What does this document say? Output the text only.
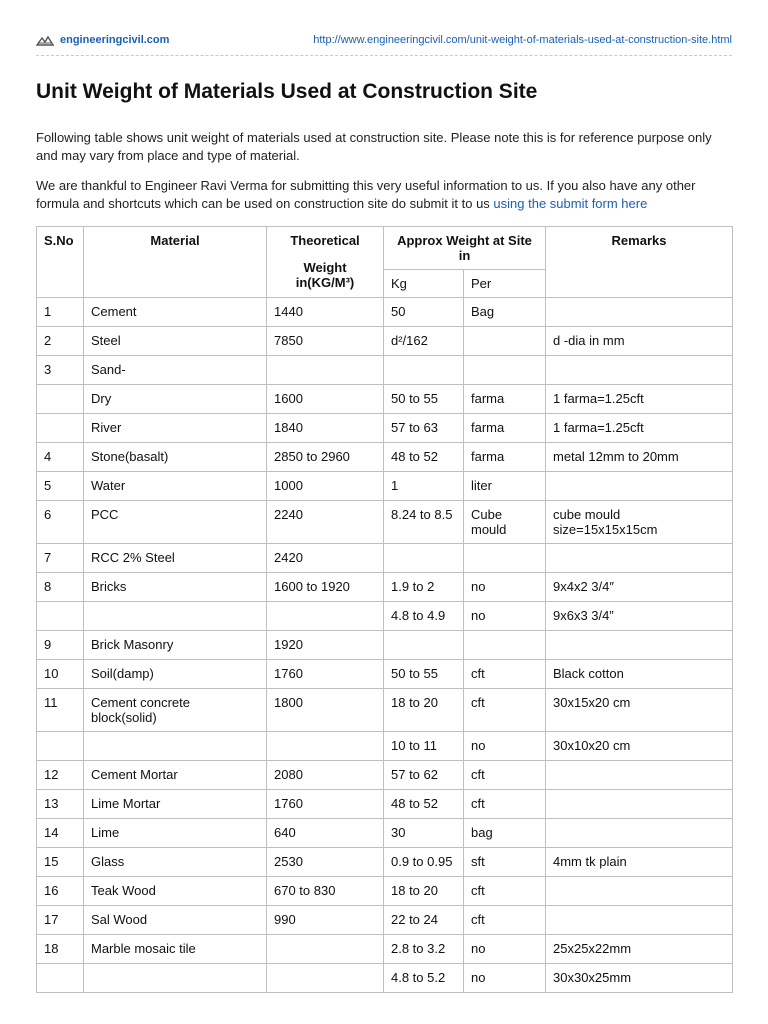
engineeringcivil.com	http://www.engineeringcivil.com/unit-weight-of-materials-used-at-construction-site.html
Unit Weight of Materials Used at Construction Site

Following table shows unit weight of materials used at construction site. Please note this is for reference purpose only and may vary from place and type of material.

We are thankful to Engineer Ravi Verma for submitting this very useful information to us. If you also have any other formula and shortcuts which can be used on construction site do submit it to us using the submit form here

S.No	Material	Theoretical
Weight in(KG/M³)	Approx Weight at Site in		Remarks
			Kg	Per	
1	Cement	1440	50	Bag	
2	Steel	7850	d²/162		d -dia in mm
3	Sand-				
	Dry	1600	50 to 55	farma	1 farma=1.25cft
	River	1840	57 to 63	farma	1 farma=1.25cft
4	Stone(basalt)	2850 to 2960	48 to 52	farma	metal 12mm to 20mm
5	Water	1000	1	liter	
6	PCC	2240	8.24 to 8.5	Cube mould	cube mould size=15x15x15cm
7	RCC 2% Steel	2420			
8	Bricks	1600 to 1920	1.9 to 2	no	9x4x2 3/4″
			4.8 to 4.9	no	9x6x3 3/4”
9	Brick Masonry	1920			
10	Soil(damp)	1760	50 to 55	cft	Black cotton
11	Cement concrete block(solid)	1800	18 to 20	cft	30x15x20 cm
			10 to 11	no	30x10x20 cm
12	Cement Mortar	2080	57 to 62	cft	
13	Lime Mortar	1760	48 to 52	cft	
14	Lime	640	30	bag	
15	Glass	2530	0.9 to 0.95	sft	4mm tk plain
16	Teak Wood	670 to 830	18 to 20	cft	
17	Sal Wood	990	22 to 24	cft	
18	Marble mosaic tile		2.8 to 3.2	no	25x25x22mm
			4.8 to 5.2	no	30x30x25mm
